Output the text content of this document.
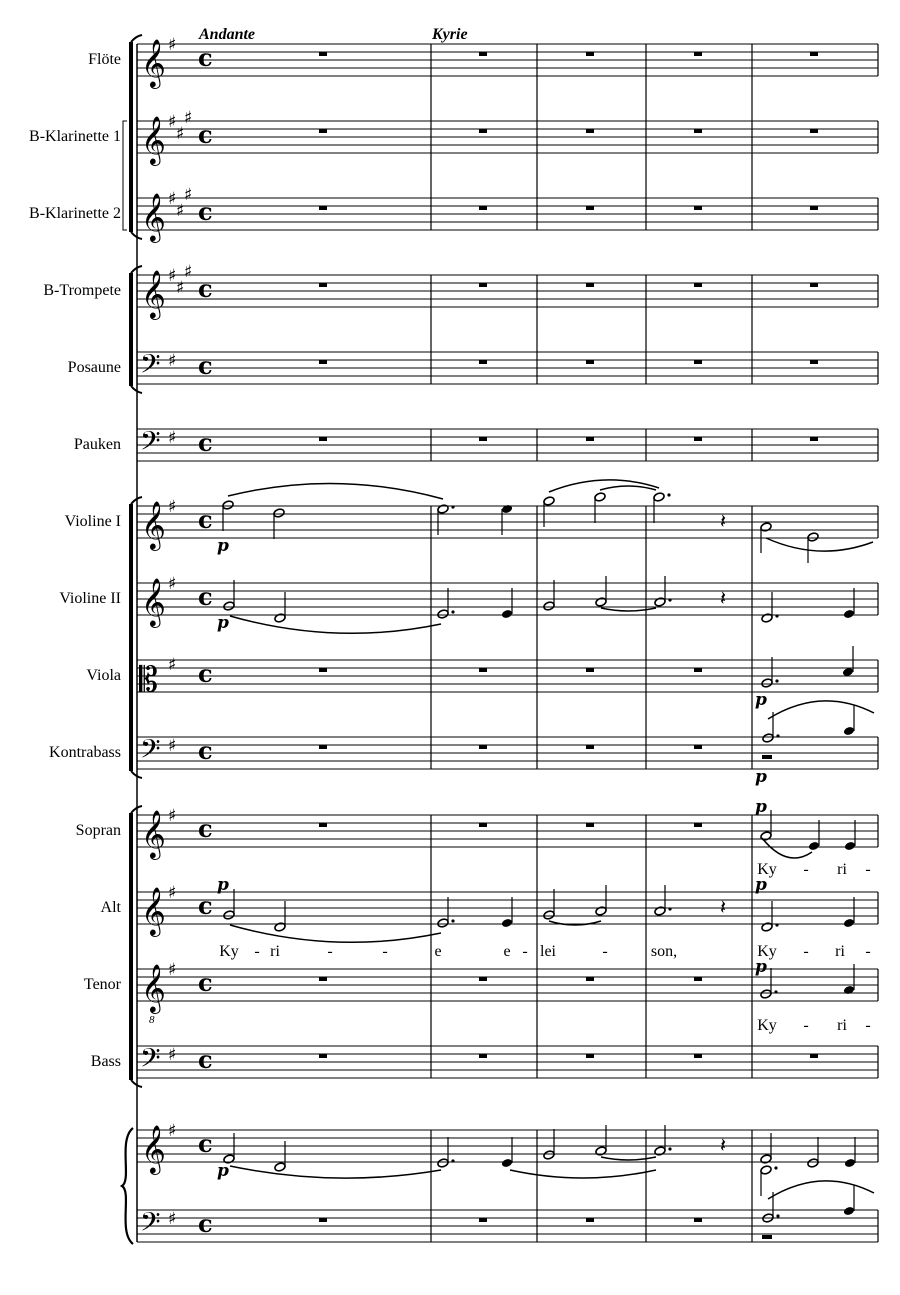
Flöte
B-Klarinette 1
B-Klarinette 2
B-Trompete
Posaune
Pauken
Violine I
Violine II
Viola
Kontrabass
Sopran
Alt
Tenor
Bass
𝄞 ♯ c
𝄞 ♯
♯
♯
c
𝄞 ♯
♯
♯
c
𝄞 ♯
♯
♯
c
𝄢 ♯ c
𝄢 ♯ c
𝄞 ♯ c
𝄞 ♯ c
𝄡 ♯ c
𝄢 ♯ c
𝄞 ♯ c
𝄞 ♯ c
𝄞
8
♯ c
𝄢 ♯ c
𝄞 ♯ c
𝄢 ♯ c
𝄽
𝄽
𝄽
𝄽
Andante	Kyrie
p
p
p
p
p
p	p
p
p
Ky - ri	-	-	e	e - lei	-	son,	Ky - ri -
Ky - ri -
Ky - ri -
